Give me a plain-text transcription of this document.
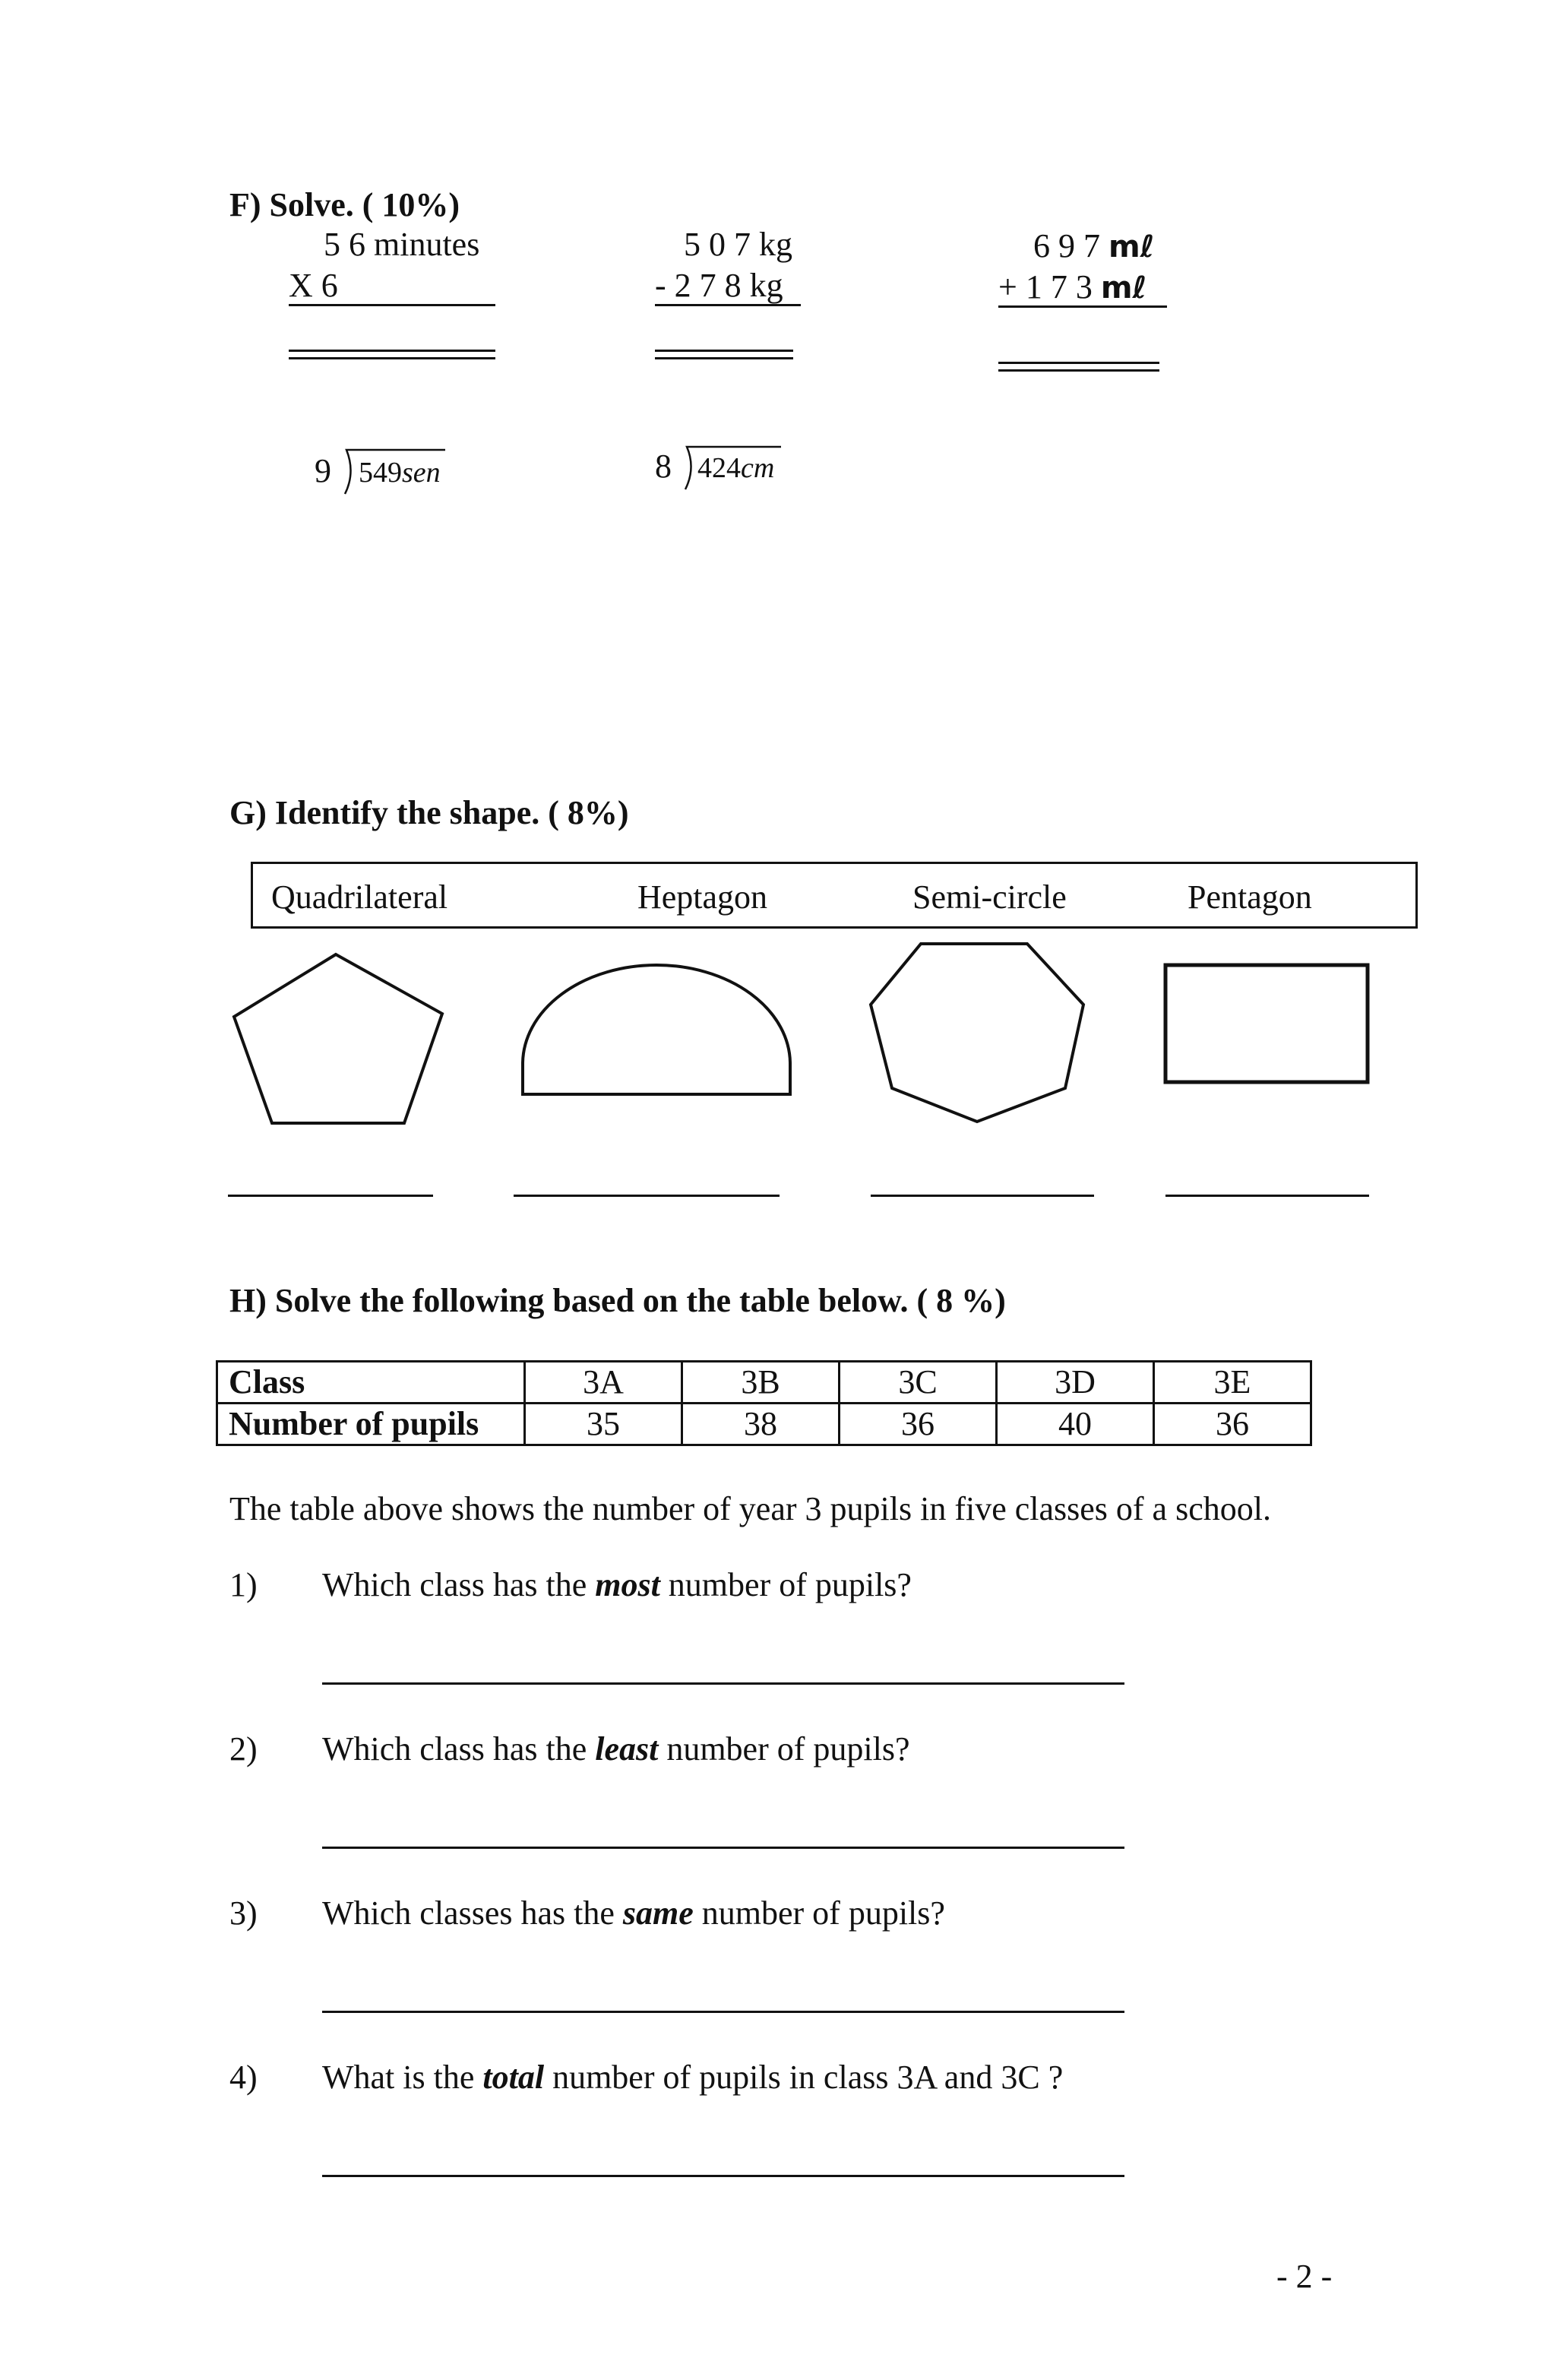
F) Solve. ( 10%)
5 6 minutes
X 6
5 0 7 kg
- 2 7 8 kg
6 9 7 mℓ
+ 1 7 3 mℓ
9 549sen	8 424cm
G) Identify the shape. ( 8%)
Quadrilateral	Heptagon	Semi-circle	Pentagon
H) Solve the following based on the table below. ( 8 %)
Class	3A	3B	3C	3D	3E
Number of pupils	35	38	36	40	36
The table above shows the number of year 3 pupils in five classes of a school.
1) Which class has the most number of pupils?
2) Which class has the least number of pupils?
3) Which classes has the same number of pupils?
4) What is the total number of pupils in class 3A and 3C ?
- 2 -
